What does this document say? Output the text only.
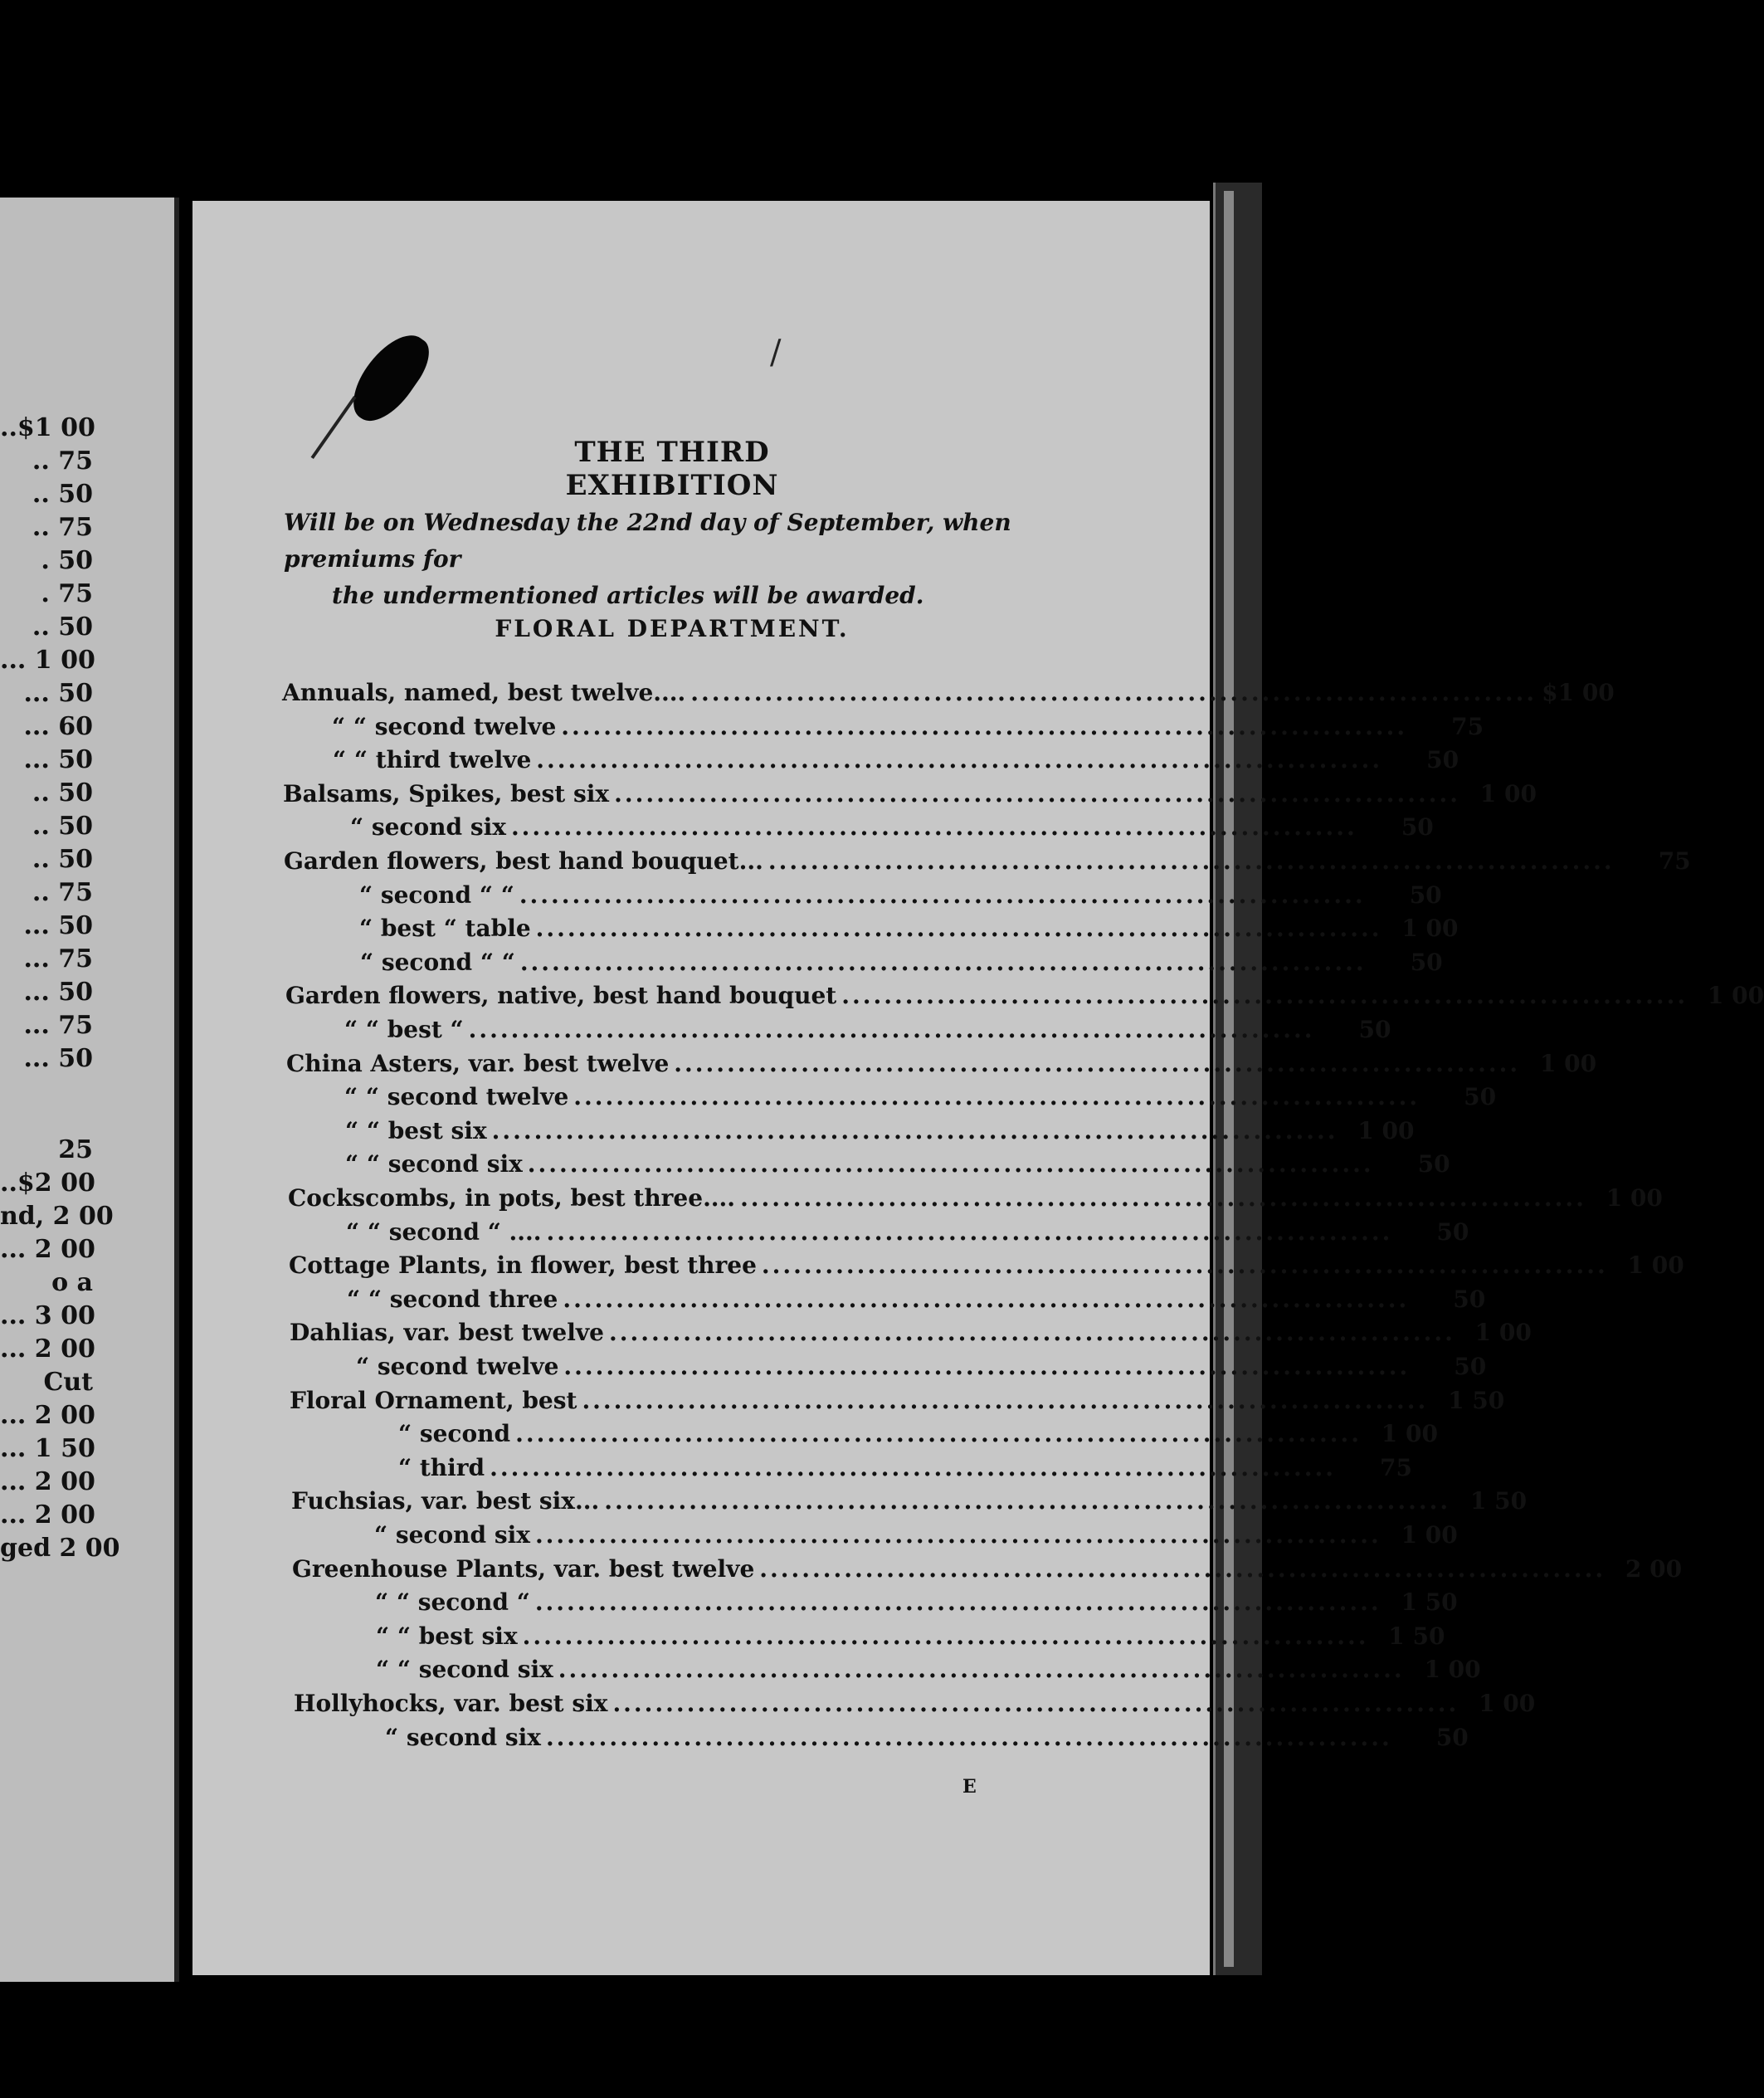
..$1 00
.. 75
.. 50
.. 75
. 50
. 75
.. 50
... 1 00
... 50
... 60
... 50
.. 50
.. 50
.. 50
.. 75
... 50
... 75
... 50
... 75
... 50
25
..$2 00
nd, 2 00
... 2 00
o a
... 3 00
... 2 00
Cut
... 2 00
... 1 50
... 2 00
... 2 00
ged 2 00
/
THE THIRD EXHIBITION
Will be on Wednesday the 22nd day of September, when premiums for
the undermentioned articles will be awarded.
FLORAL DEPARTMENT.
Annuals, named, best twelve.... ................................................................................ $1 00
“ “ second twelve ................................................................................	75
“ “ third twelve ................................................................................	50
Balsams, Spikes, best six ................................................................................ 1 00
“ second six ................................................................................	50
Garden flowers, best hand bouquet... ................................................................................	75
“ second “ “ ................................................................................	50
“ best “ table ................................................................................ 1 00
“ second “ “ ................................................................................	50
Garden flowers, native, best hand bouquet ................................................................................ 1 00
“ “ best “ ................................................................................	50
China Asters, var. best twelve ................................................................................ 1 00
“ “ second twelve ................................................................................	50
“ “ best six ................................................................................ 1 00
“ “ second six ................................................................................	50
Cockscombs, in pots, best three.... ................................................................................ 1 00
“ “ second “ .... ................................................................................	50
Cottage Plants, in flower, best three ................................................................................ 1 00
“ “ second three ................................................................................	50
Dahlias, var. best twelve ................................................................................ 1 00
“ second twelve ................................................................................	50
Floral Ornament, best ................................................................................ 1 50
“ second ................................................................................ 1 00
“ third ................................................................................	75
Fuchsias, var. best six... ................................................................................ 1 50
“ second six ................................................................................ 1 00
Greenhouse Plants, var. best twelve ................................................................................ 2 00
“ “ second “ ................................................................................ 1 50
“ “ best six ................................................................................ 1 50
“ “ second six ................................................................................ 1 00
Hollyhocks, var. best six ................................................................................ 1 00
“ second six ................................................................................	50
E
